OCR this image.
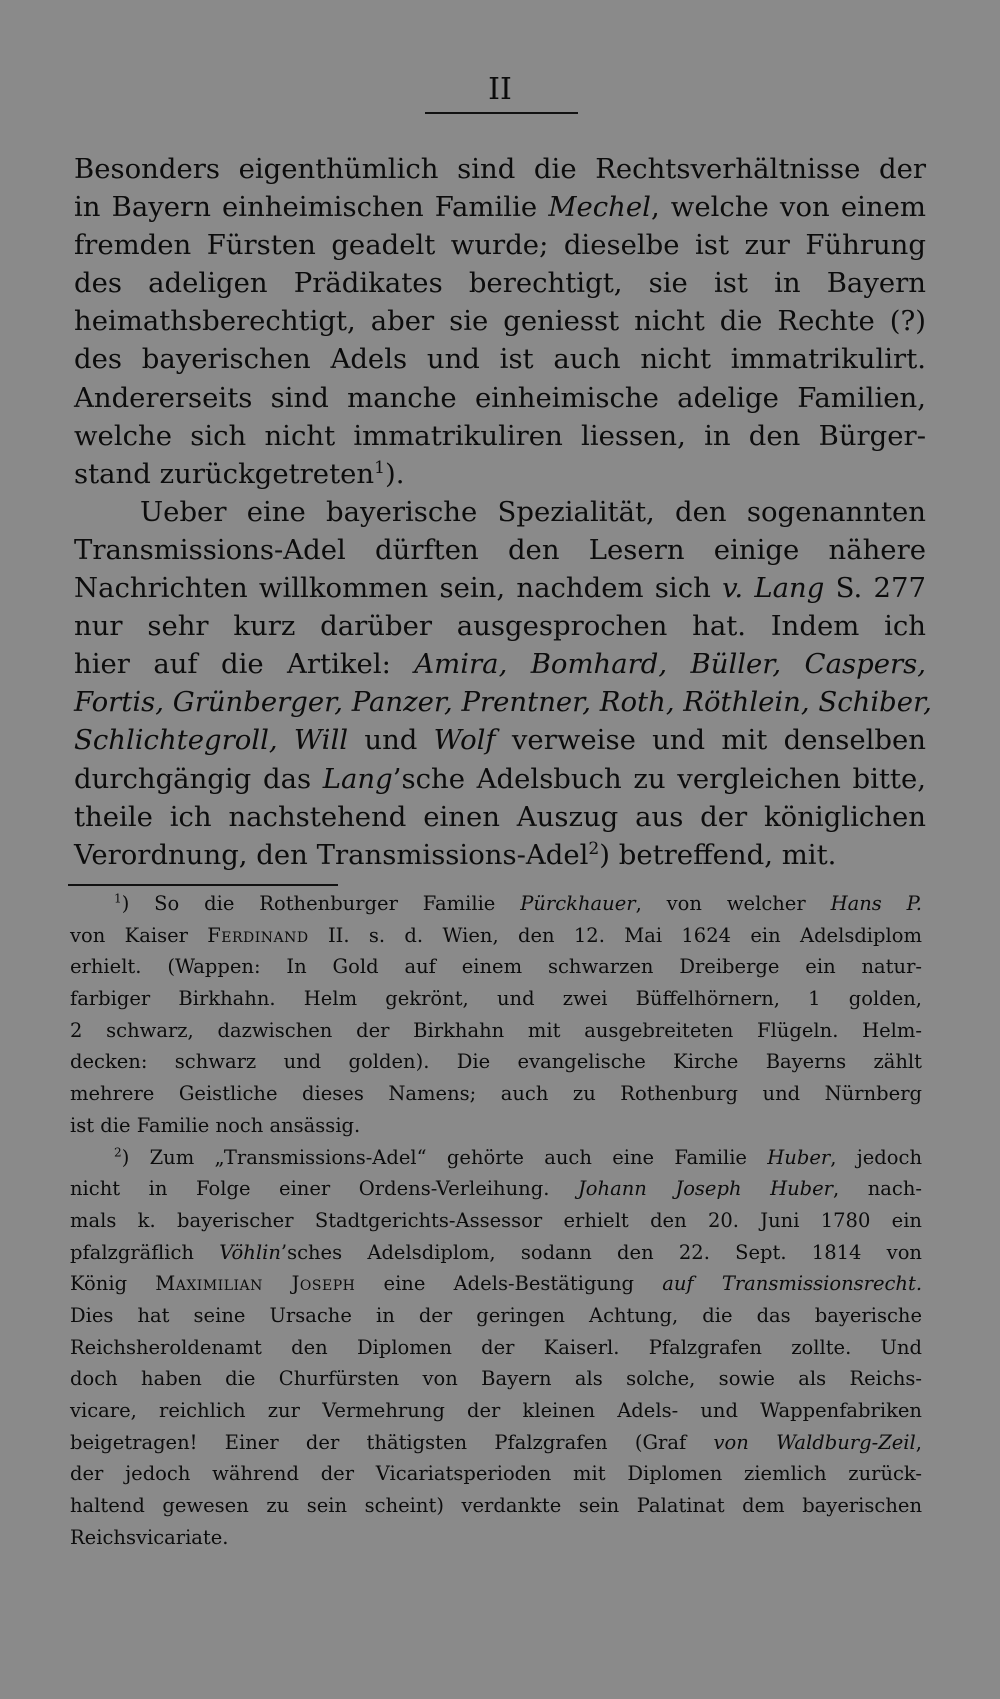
II
Besonders eigenthümlich sind die Rechtsverhältnisse der
in Bayern einheimischen Familie Mechel, welche von einem
fremden Fürsten geadelt wurde; dieselbe ist zur Führung
des adeligen Prädikates berechtigt, sie ist in Bayern
heimathsberechtigt, aber sie geniesst nicht die Rechte (?)
des bayerischen Adels und ist auch nicht immatrikulirt.
Andererseits sind manche einheimische adelige Familien,
welche sich nicht immatrikuliren liessen, in den Bürger-
stand zurückgetreten$^1$).
Ueber eine bayerische Spezialität, den sogenannten
Transmissions-Adel dürften den Lesern einige nähere
Nachrichten willkommen sein, nachdem sich v. Lang S. 277
nur sehr kurz darüber ausgesprochen hat. Indem ich
hier auf die Artikel: Amira, Bomhard, Büller, Caspers,
Fortis, Grünberger, Panzer, Prentner, Roth, Röthlein, Schiber,
Schlichtegroll, Will und Wolf verweise und mit denselben
durchgängig das Lang’sche Adelsbuch zu vergleichen bitte,
theile ich nachstehend einen Auszug aus der königlichen
Verordnung, den Transmissions-Adel$^2$) betreffend, mit.
$^1$) So die Rothenburger Familie Pürckhauer, von welcher Hans P.
von Kaiser Ferdinand II. s. d. Wien, den 12. Mai 1624 ein Adelsdiplom
erhielt. (Wappen: In Gold auf einem schwarzen Dreiberge ein natur-
farbiger Birkhahn. Helm gekrönt, und zwei Büffelhörnern, 1 golden,
2 schwarz, dazwischen der Birkhahn mit ausgebreiteten Flügeln. Helm-
decken: schwarz und golden). Die evangelische Kirche Bayerns zählt
mehrere Geistliche dieses Namens; auch zu Rothenburg und Nürnberg
ist die Familie noch ansässig.
$^2$) Zum „Transmissions-Adel“ gehörte auch eine Familie Huber, jedoch
nicht in Folge einer Ordens-Verleihung. Johann Joseph Huber, nach-
mals k. bayerischer Stadtgerichts-Assessor erhielt den 20. Juni 1780 ein
pfalzgräflich Vöhlin’sches Adelsdiplom, sodann den 22. Sept. 1814 von
König Maximilian Joseph eine Adels-Bestätigung auf Transmissionsrecht.
Dies hat seine Ursache in der geringen Achtung, die das bayerische
Reichsheroldenamt den Diplomen der Kaiserl. Pfalzgrafen zollte. Und
doch haben die Churfürsten von Bayern als solche, sowie als Reichs-
vicare, reichlich zur Vermehrung der kleinen Adels- und Wappenfabriken
beigetragen! Einer der thätigsten Pfalzgrafen (Graf von Waldburg-Zeil,
der jedoch während der Vicariatsperioden mit Diplomen ziemlich zurück-
haltend gewesen zu sein scheint) verdankte sein Palatinat dem bayerischen
Reichsvicariate.
